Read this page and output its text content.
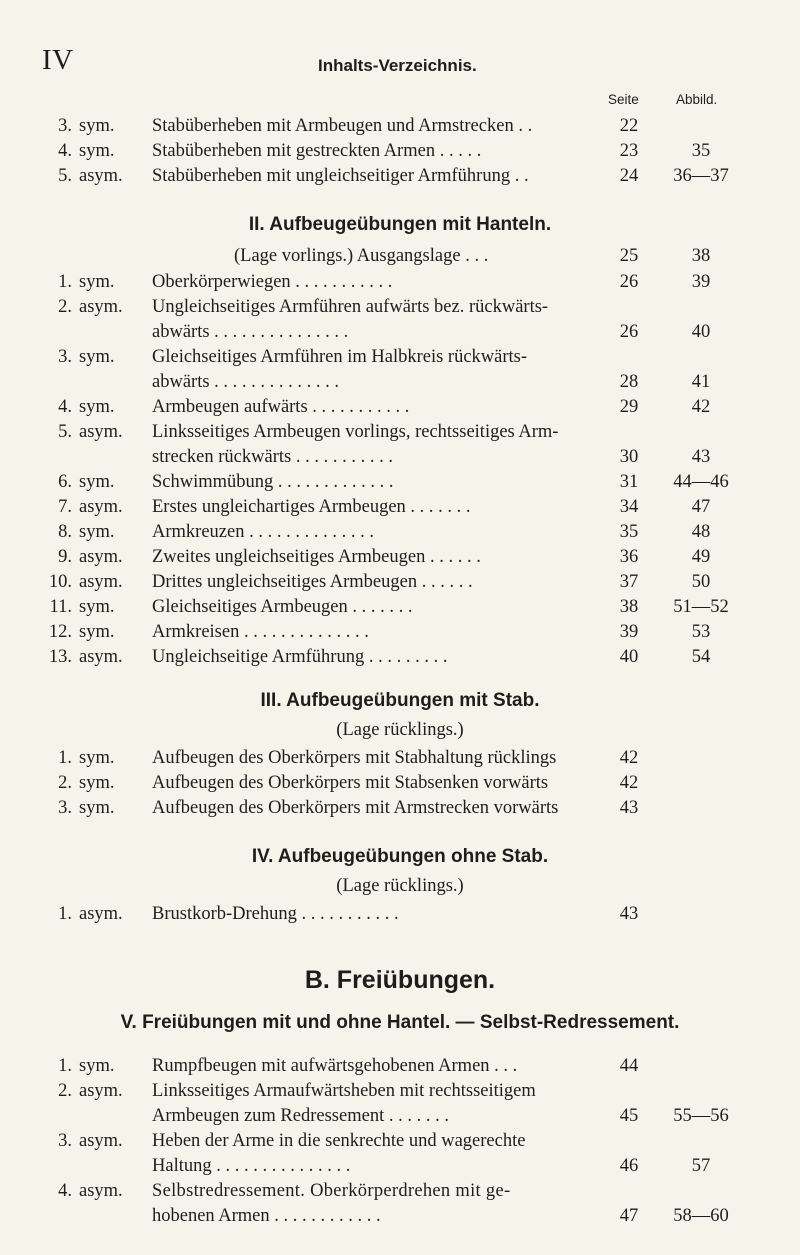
IV	Inhalts-Verzeichnis.
Seite	Abbild.
3. sym. Stabüberheben mit Armbeugen und Armstrecken . .	22
4. sym. Stabüberheben mit gestreckten Armen . . . . .	23	35
5. asym. Stabüberheben mit ungleichseitiger Armführung . .	24	36—37
II. Aufbeugeübungen mit Hanteln.
(Lage vorlings.) Ausgangslage . . .	25	38
1. sym. Oberkörperwiegen . . . . . . . . . . .	26	39
2. asym. Ungleichseitiges Armführen aufwärts bez. rückwärts-
abwärts . . . . . . . . . . . . . . .	26	40
3. sym. Gleichseitiges Armführen im Halbkreis rückwärts-
abwärts . . . . . . . . . . . . . .	28	41
4. sym. Armbeugen aufwärts . . . . . . . . . . .	29	42
5. asym. Linksseitiges Armbeugen vorlings, rechtsseitiges Arm-
strecken rückwärts . . . . . . . . . . .	30	43
6. sym. Schwimmübung . . . . . . . . . . . . .	31	44—46
7. asym. Erstes ungleichartiges Armbeugen . . . . . . .	34	47
8. sym. Armkreuzen . . . . . . . . . . . . . .	35	48
9. asym. Zweites ungleichseitiges Armbeugen . . . . . .	36	49
10. asym. Drittes ungleichseitiges Armbeugen . . . . . .	37	50
11. sym. Gleichseitiges Armbeugen . . . . . . .	38	51—52
12. sym. Armkreisen . . . . . . . . . . . . . .	39	53
13. asym. Ungleichseitige Armführung . . . . . . . . .	40	54
III. Aufbeugeübungen mit Stab.
(Lage rücklings.)
1. sym. Aufbeugen des Oberkörpers mit Stabhaltung rücklings	42
2. sym. Aufbeugen des Oberkörpers mit Stabsenken vorwärts	42
3. sym. Aufbeugen des Oberkörpers mit Armstrecken vorwärts	43
IV. Aufbeugeübungen ohne Stab.
(Lage rücklings.)
1. asym. Brustkorb-Drehung . . . . . . . . . . .	43
B. Freiübungen.
V. Freiübungen mit und ohne Hantel. — Selbst-Redressement.
1. sym. Rumpfbeugen mit aufwärtsgehobenen Armen . . .	44
2. asym. Linksseitiges Armaufwärtsheben mit rechtsseitigem
Armbeugen zum Redressement . . . . . . .	45	55—56
3. asym. Heben der Arme in die senkrechte und wagerechte
Haltung . . . . . . . . . . . . . . .	46	57
4. asym. Selbstredressement. Oberkörperdrehen mit ge-
hobenen Armen . . . . . . . . . . . .	47	58—60
